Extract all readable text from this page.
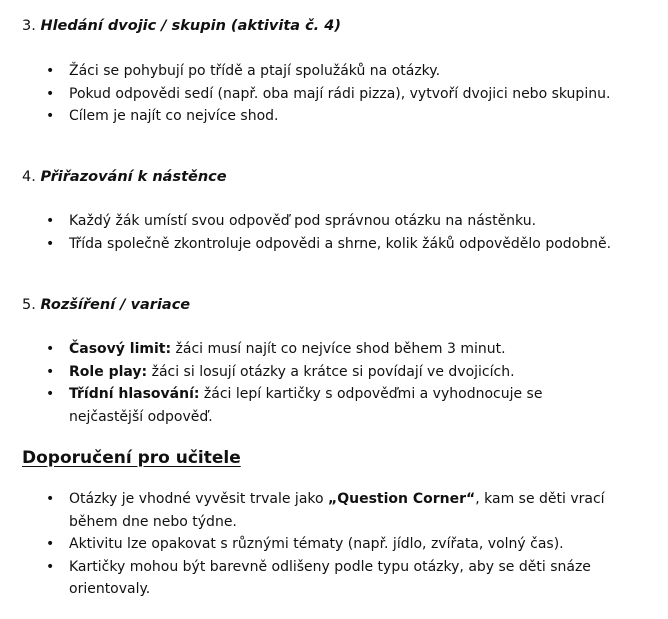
3. Hledání dvojic / skupin (aktivita č. 4)
• Žáci se pohybují po třídě a ptají spolužáků na otázky.
• Pokud odpovědi sedí (např. oba mají rádi pizza), vytvoří dvojici nebo skupinu.
• Cílem je najít co nejvíce shod.
4. Přiřazování k nástěnce
• Každý žák umístí svou odpověď pod správnou otázku na nástěnku.
• Třída společně zkontroluje odpovědi a shrne, kolik žáků odpovědělo podobně.
5. Rozšíření / variace
• Časový limit: žáci musí najít co nejvíce shod během 3 minut.
• Role play: žáci si losují otázky a krátce si povídají ve dvojicích.
• Třídní hlasování: žáci lepí kartičky s odpověďmi a vyhodnocuje se nejčastější odpověď.
Doporučení pro učitele
• Otázky je vhodné vyvěsit trvale jako „Question Corner“, kam se děti vrací během dne nebo týdne.
• Aktivitu lze opakovat s různými tématy (např. jídlo, zvířata, volný čas).
• Kartičky mohou být barevně odlišeny podle typu otázky, aby se děti snáze orientovaly.
